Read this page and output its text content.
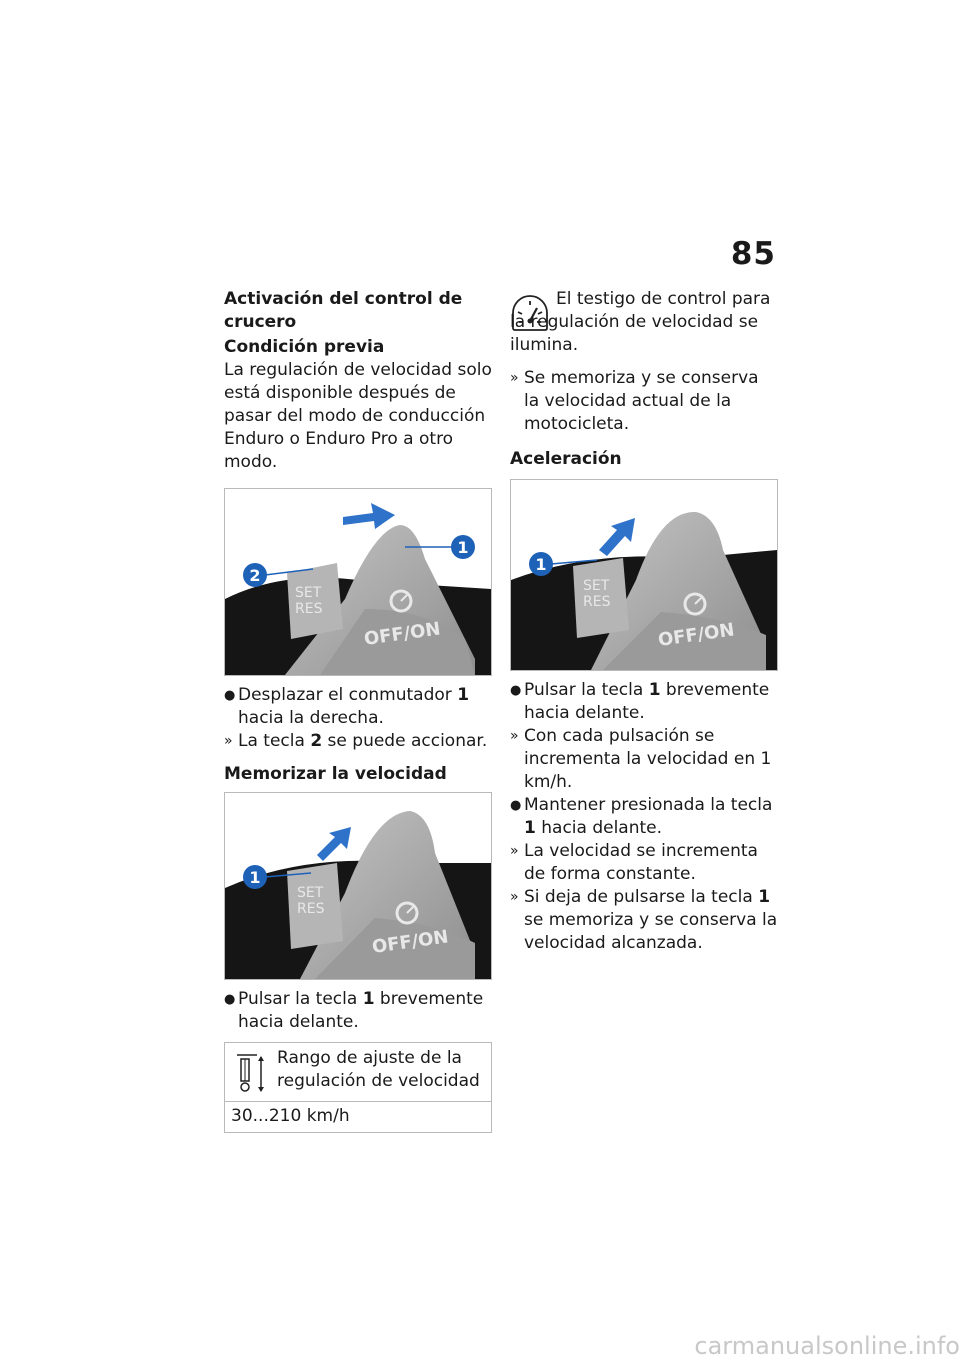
85
Activación del control de crucero
Condición previa
La regulación de velocidad solo está disponible después de pasar del modo de conducción Enduro o Enduro Pro a otro modo.
SET
RES
OFF/ON
1
2
● Desplazar el conmutador 1 hacia la derecha.
» La tecla 2 se puede accionar.
Memorizar la velocidad
SET
RES
OFF/ON
1
● Pulsar la tecla 1 brevemente hacia delante.
Rango de ajuste de la regulación de velocidad
30...210 km/h
El testigo de control para la regulación de velocidad se ilumina.
» Se memoriza y se conserva la velocidad actual de la motocicleta.
Aceleración
SET
RES
OFF/ON
1
● Pulsar la tecla 1 brevemente hacia delante.
» Con cada pulsación se incrementa la velocidad en 1 km/h.
● Mantener presionada la tecla 1 hacia delante.
» La velocidad se incrementa de forma constante.
» Si deja de pulsarse la tecla 1 se memoriza y se conserva la velocidad alcanzada.
carmanualsonline.info
